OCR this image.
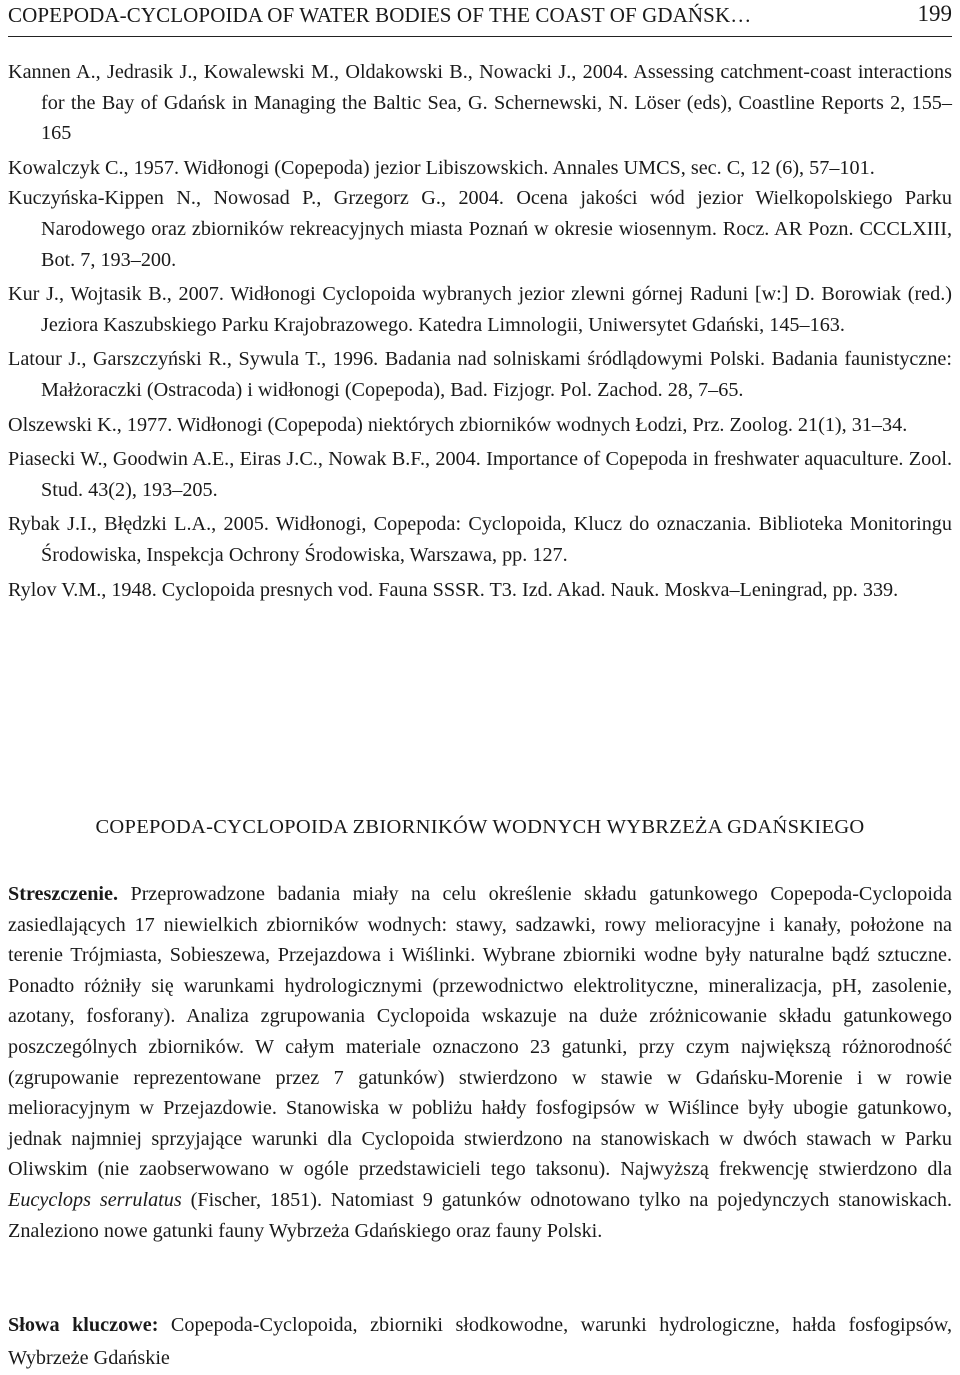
COPEPODA-CYCLOPOIDA OF WATER BODIES OF THE COAST OF GDAŃSK…	199

Kannen A., Jedrasik J., Kowalewski M., Oldakowski B., Nowacki J., 2004. Assessing catchment-coast interactions for the Bay of Gdańsk in Managing the Baltic Sea, G. Schernewski, N. Löser (eds), Coastline Reports 2, 155–165

Kowalczyk C., 1957. Widłonogi (Copepoda) jezior Libiszowskich. Annales UMCS, sec. C, 12 (6), 57–101.

Kuczyńska-Kippen N., Nowosad P., Grzegorz G., 2004. Ocena jakości wód jezior Wielkopolskiego Parku Narodowego oraz zbiorników rekreacyjnych miasta Poznań w okresie wiosennym. Rocz. AR Pozn. CCCLXIII, Bot. 7, 193–200.

Kur J., Wojtasik B., 2007. Widłonogi Cyclopoida wybranych jezior zlewni górnej Raduni [w:] D. Borowiak (red.) Jeziora Kaszubskiego Parku Krajobrazowego. Katedra Limnologii, Uniwersytet Gdański, 145–163.

Latour J., Garszczyński R., Sywula T., 1996. Badania nad solniskami śródlądowymi Polski. Badania faunistyczne: Małżoraczki (Ostracoda) i widłonogi (Copepoda), Bad. Fizjogr. Pol. Zachod. 28, 7–65.

Olszewski K., 1977. Widłonogi (Copepoda) niektórych zbiorników wodnych Łodzi, Prz. Zoolog. 21(1), 31–34.

Piasecki W., Goodwin A.E., Eiras J.C., Nowak B.F., 2004. Importance of Copepoda in freshwater aquaculture. Zool. Stud. 43(2), 193–205.

Rybak J.I., Błędzki L.A., 2005. Widłonogi, Copepoda: Cyclopoida, Klucz do oznaczania. Biblioteka Monitoringu Środowiska, Inspekcja Ochrony Środowiska, Warszawa, pp. 127.

Rylov V.M., 1948. Cyclopoida presnych vod. Fauna SSSR. T3. Izd. Akad. Nauk. Moskva–Leningrad, pp. 339.

COPEPODA-CYCLOPOIDA ZBIORNIKÓW WODNYCH WYBRZEŻA GDAŃSKIEGO

Streszczenie. Przeprowadzone badania miały na celu określenie składu gatunkowego Copepoda-Cyclopoida zasiedlających 17 niewielkich zbiorników wodnych: stawy, sadzawki, rowy melioracyjne i kanały, położone na terenie Trójmiasta, Sobieszewa, Przejazdowa i Wiślinki. Wybrane zbiorniki wodne były naturalne bądź sztuczne. Ponadto różniły się warunkami hydrologicznymi (przewodnictwo elektrolityczne, mineralizacja, pH, zasolenie, azotany, fosforany). Analiza zgrupowania Cyclopoida wskazuje na duże zróżnicowanie składu gatunkowego poszczególnych zbiorników. W całym materiale oznaczono 23 gatunki, przy czym największą różnorodność (zgrupowanie reprezentowane przez 7 gatunków) stwierdzono w stawie w Gdańsku-Morenie i w rowie melioracyjnym w Przejazdowie. Stanowiska w pobliżu hałdy fosfogipsów w Wiślince były ubogie gatunkowo, jednak najmniej sprzyjające warunki dla Cyclopoida stwierdzono na stanowiskach w dwóch stawach w Parku Oliwskim (nie zaobserwowano w ogóle przedstawicieli tego taksonu). Najwyższą frekwencję stwierdzono dla Eucyclops serrulatus (Fischer, 1851). Natomiast 9 gatunków odnotowano tylko na pojedynczych stanowiskach. Znaleziono nowe gatunki fauny Wybrzeża Gdańskiego oraz fauny Polski.

Słowa kluczowe: Copepoda-Cyclopoida, zbiorniki słodkowodne, warunki hydrologiczne, hałda fosfogipsów, Wybrzeże Gdańskie
